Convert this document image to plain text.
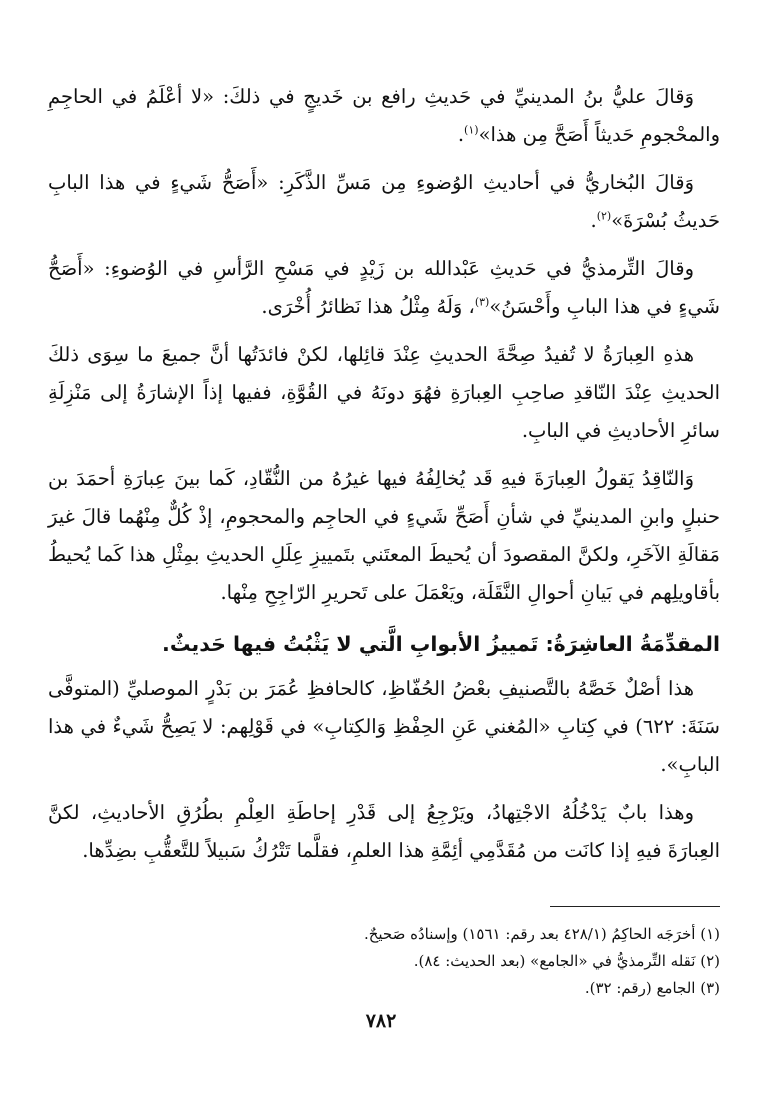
وَقالَ عليُّ بنُ المدينيِّ في حَديثِ رافع بن خَديجٍ في ذلكَ: «لا أعْلَمُ في الحاجِمِ والمحْجومِ حَديثاً أَصَحَّ مِن هذا»$^{(١)}$.

وَقالَ البُخاريُّ في أحاديثِ الوُضوءِ مِن مَسِّ الذَّكَرِ: «أَصَحُّ شَيءٍ في هذا البابِ حَديثُ بُسْرَةَ»$^{(٢)}$.

وقالَ التِّرمذيُّ في حَديثِ عَبْدالله بن زَيْدٍ في مَسْحِ الرَّأسِ في الوُضوءِ: «أَصَحُّ شَيءٍ في هذا البابِ وأَحْسَنُ»$^{(٣)}$، وَلَهُ مِثْلُ هذا نَظائرُ أُخْرَى.

هذهِ العِبارَةُ لا تُفيدُ صِحَّةَ الحديثِ عِنْدَ قائِلها، لكنْ فائدَتُها أنَّ جميعَ ما سِوَى ذلكَ الحديثِ عِنْدَ النّاقدِ صاحِبِ العِبارَةِ فهُوَ دونَهُ في القُوَّةِ، ففيها إذاً الإشارَةُ إلى مَنْزِلَةِ سائرِ الأحاديثِ في البابِ.

وَالنّاقِدُ يَقولُ العِبارَةَ فيهِ قَد يُخالِفُهُ فيها غيرُهُ من النُّقّادِ، كَما بينَ عِبارَةِ أحمَدَ بن حنبلٍ وابنِ المدينيِّ في شأنِ أَصَحِّ شَيءٍ في الحاجِم والمحجومِ، إذْ كُلٌّ مِنْهُما قالَ غيرَ مَقالَةِ الآخَرِ، ولكنَّ المقصودَ أن يُحيطَ المعتَني بتَمييزِ عِلَلِ الحديثِ بمِثْلِ هذا كَما يُحيطُ بأقاويلِهم في بَيانِ أحوالِ النَّقَلَة، ويَعْمَلَ على تَحريرِ الرّاجِحِ مِنْها.

المقدِّمَةُ العاشِرَةُ: تَمييزُ الأبوابِ الَّتي لا يَثْبُتُ فيها حَديثٌ.

هذا أصْلٌ خَصَّهُ بالتَّصنيفِ بعْضُ الحُفّاظِ، كالحافظِ عُمَرَ بن بَدْرٍ الموصليِّ (المتوفَّى سَنَةَ: ٦٢٢) في كِتابِ «المُغني عَنِ الحِفْظِ وَالكِتابِ» في قَوْلِهم: لا يَصِحُّ شَيءٌ في هذا البابِ».

وهذا بابٌ يَدْخُلُهُ الاجْتِهادُ، ويَرْجِعُ إلى قَدْرِ إحاطَةِ العِلْمِ بطُرُقِ الأحاديثِ، لكنَّ العِبارَةَ فيهِ إذا كانَت من مُقَدَّمِي أئِمَّةِ هذا العلمِ، فقلَّما تَتْرُكُ سَبيلاً للتَّعقُّبِ بضِدِّها.

(١) أخرَجَه الحاكِمُ (٤٢٨/١ بعد رقم: ١٥٦١) وإسنادُه صَحيحٌ.
(٢) نَقله التِّرمذيُّ في «الجامع» (بعد الحديث: ٨٤).
(٣) الجامع (رقم: ٣٢).
٧٨٢
